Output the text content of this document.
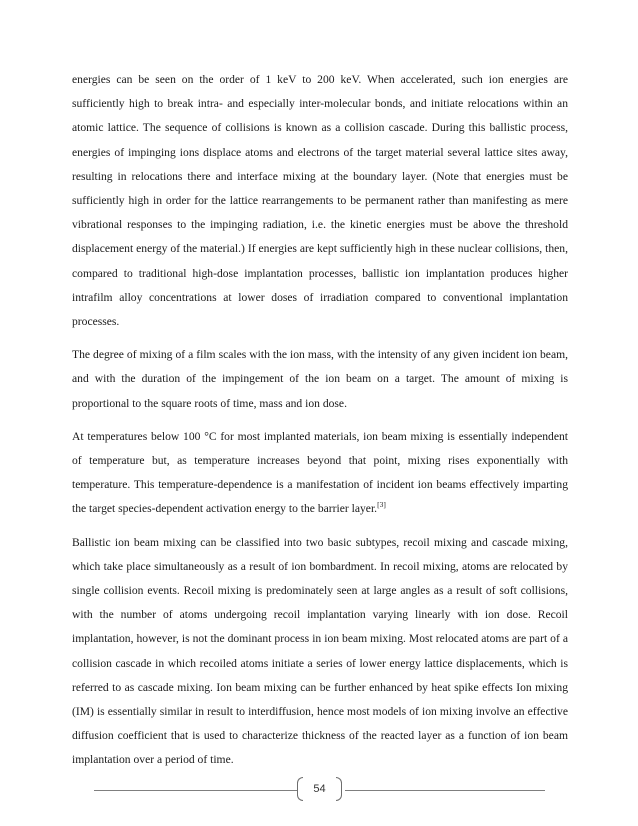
energies can be seen on the order of 1 keV to 200 keV. When accelerated, such ion energies are sufficiently high to break intra- and especially inter-molecular bonds, and initiate relocations within an atomic lattice. The sequence of collisions is known as a collision cascade. During this ballistic process, energies of impinging ions displace atoms and electrons of the target material several lattice sites away, resulting in relocations there and interface mixing at the boundary layer. (Note that energies must be sufficiently high in order for the lattice rearrangements to be permanent rather than manifesting as mere vibrational responses to the impinging radiation, i.e. the kinetic energies must be above the threshold displacement energy of the material.) If energies are kept sufficiently high in these nuclear collisions, then, compared to traditional high-dose implantation processes, ballistic ion implantation produces higher intrafilm alloy concentrations at lower doses of irradiation compared to conventional implantation processes.

The degree of mixing of a film scales with the ion mass, with the intensity of any given incident ion beam, and with the duration of the impingement of the ion beam on a target. The amount of mixing is proportional to the square roots of time, mass and ion dose.

At temperatures below 100 °C for most implanted materials, ion beam mixing is essentially independent of temperature but, as temperature increases beyond that point, mixing rises exponentially with temperature. This temperature-dependence is a manifestation of incident ion beams effectively imparting the target species-dependent activation energy to the barrier layer.[3]

Ballistic ion beam mixing can be classified into two basic subtypes, recoil mixing and cascade mixing, which take place simultaneously as a result of ion bombardment. In recoil mixing, atoms are relocated by single collision events. Recoil mixing is predominately seen at large angles as a result of soft collisions, with the number of atoms undergoing recoil implantation varying linearly with ion dose. Recoil implantation, however, is not the dominant process in ion beam mixing. Most relocated atoms are part of a collision cascade in which recoiled atoms initiate a series of lower energy lattice displacements, which is referred to as cascade mixing. Ion beam mixing can be further enhanced by heat spike effects Ion mixing (IM) is essentially similar in result to interdiffusion, hence most models of ion mixing involve an effective diffusion coefficient that is used to characterize thickness of the reacted layer as a function of ion beam implantation over a period of time.

54
